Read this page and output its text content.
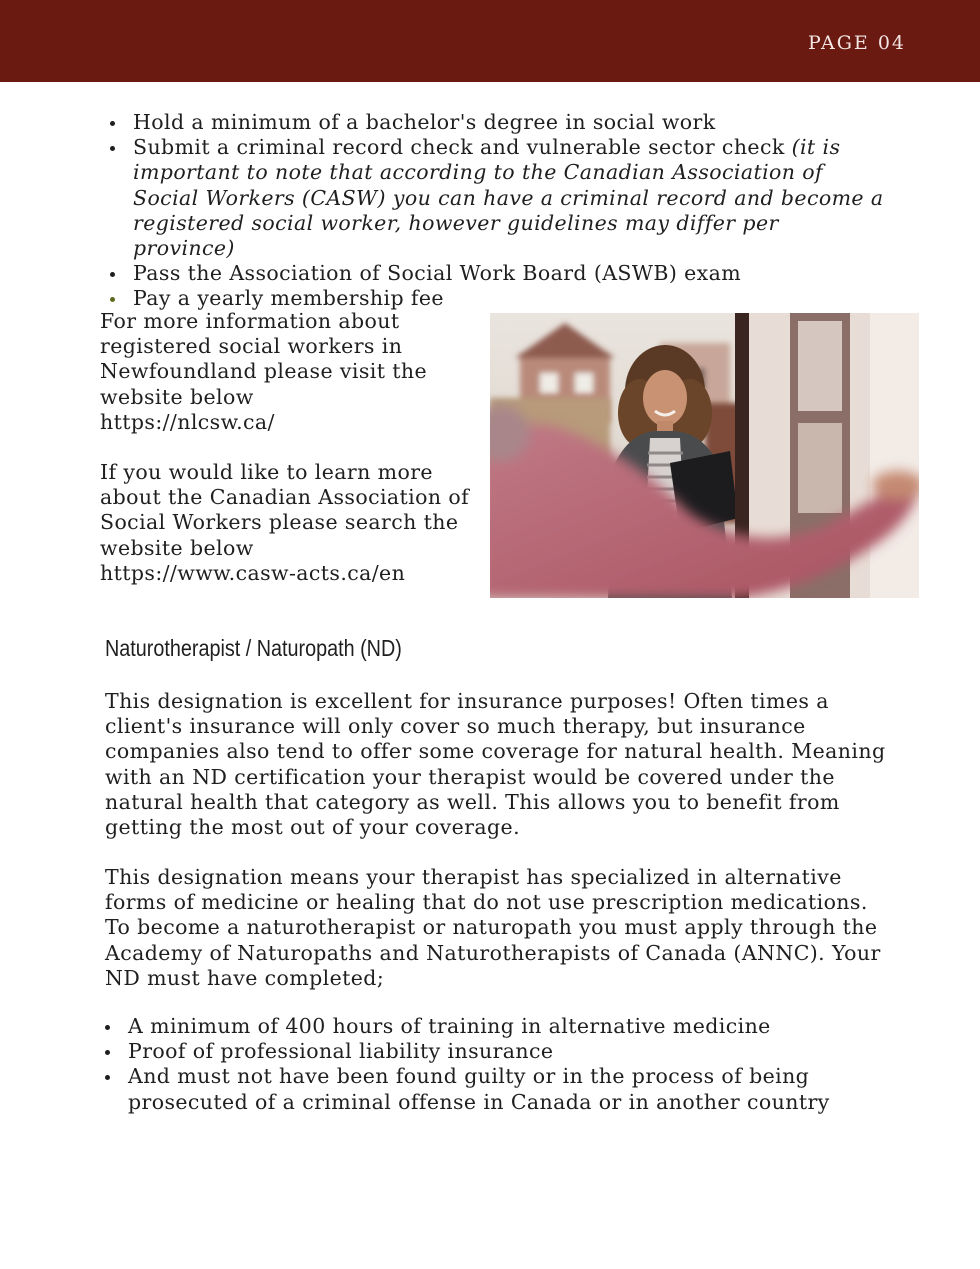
PAGE 04
Hold a minimum of a bachelor's degree in social work
Submit a criminal record check and vulnerable sector check (it is important to note that according to the Canadian Association of Social Workers (CASW) you can have a criminal record and become a registered social worker, however guidelines may differ per province)
Pass the Association of Social Work Board (ASWB) exam
Pay a yearly membership fee

For more information about registered social workers in Newfoundland please visit the website below

https://nlcsw.ca/

If you would like to learn more about the Canadian Association of Social Workers please search the website below

https://www.casw-acts.ca/en

Naturotherapist / Naturopath (ND)

This designation is excellent for insurance purposes! Often times a client's insurance will only cover so much therapy, but insurance companies also tend to offer some coverage for natural health. Meaning with an ND certification your therapist would be covered under the natural health that category as well. This allows you to benefit from getting the most out of your coverage.

This designation means your therapist has specialized in alternative forms of medicine or healing that do not use prescription medications. To become a naturotherapist or naturopath you must apply through the Academy of Naturopaths and Naturotherapists of Canada (ANNC). Your ND must have completed;

A minimum of 400 hours of training in alternative medicine
Proof of professional liability insurance
And must not have been found guilty or in the process of being prosecuted of a criminal offense in Canada or in another country
